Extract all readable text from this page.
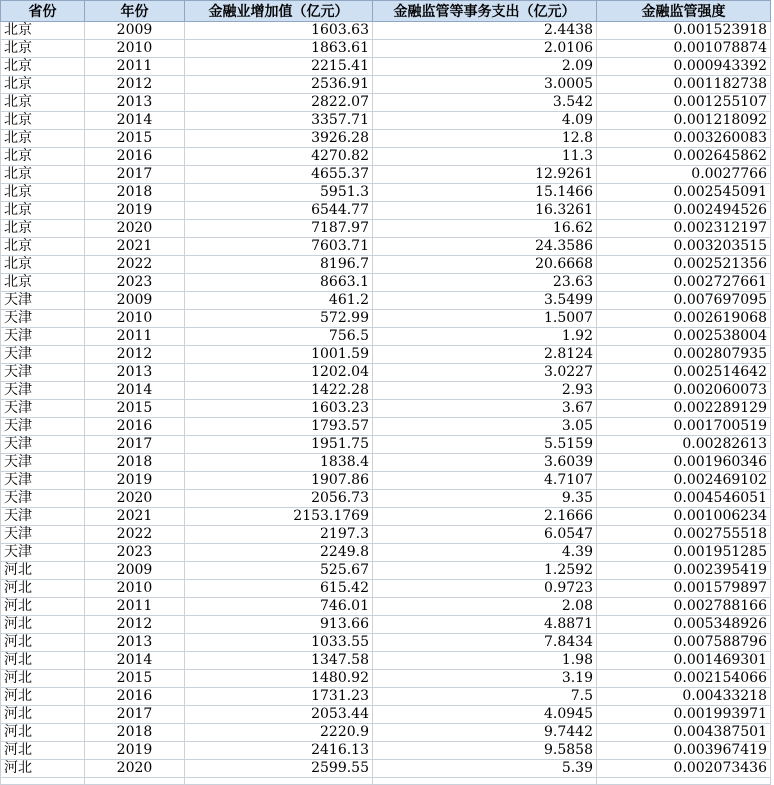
省份	年份	金融业增加值（亿元）	金融监管等事务支出（亿元）	金融监管强度
北京	2009	1603.63	2.4438	0.001523918
北京	2010	1863.61	2.0106	0.001078874
北京	2011	2215.41	2.09	0.000943392
北京	2012	2536.91	3.0005	0.001182738
北京	2013	2822.07	3.542	0.001255107
北京	2014	3357.71	4.09	0.001218092
北京	2015	3926.28	12.8	0.003260083
北京	2016	4270.82	11.3	0.002645862
北京	2017	4655.37	12.9261	0.0027766
北京	2018	5951.3	15.1466	0.002545091
北京	2019	6544.77	16.3261	0.002494526
北京	2020	7187.97	16.62	0.002312197
北京	2021	7603.71	24.3586	0.003203515
北京	2022	8196.7	20.6668	0.002521356
北京	2023	8663.1	23.63	0.002727661
天津	2009	461.2	3.5499	0.007697095
天津	2010	572.99	1.5007	0.002619068
天津	2011	756.5	1.92	0.002538004
天津	2012	1001.59	2.8124	0.002807935
天津	2013	1202.04	3.0227	0.002514642
天津	2014	1422.28	2.93	0.002060073
天津	2015	1603.23	3.67	0.002289129
天津	2016	1793.57	3.05	0.001700519
天津	2017	1951.75	5.5159	0.00282613
天津	2018	1838.4	3.6039	0.001960346
天津	2019	1907.86	4.7107	0.002469102
天津	2020	2056.73	9.35	0.004546051
天津	2021	2153.1769	2.1666	0.001006234
天津	2022	2197.3	6.0547	0.002755518
天津	2023	2249.8	4.39	0.001951285
河北	2009	525.67	1.2592	0.002395419
河北	2010	615.42	0.9723	0.001579897
河北	2011	746.01	2.08	0.002788166
河北	2012	913.66	4.8871	0.005348926
河北	2013	1033.55	7.8434	0.007588796
河北	2014	1347.58	1.98	0.001469301
河北	2015	1480.92	3.19	0.002154066
河北	2016	1731.23	7.5	0.00433218
河北	2017	2053.44	4.0945	0.001993971
河北	2018	2220.9	9.7442	0.004387501
河北	2019	2416.13	9.5858	0.003967419
河北	2020	2599.55	5.39	0.002073436
